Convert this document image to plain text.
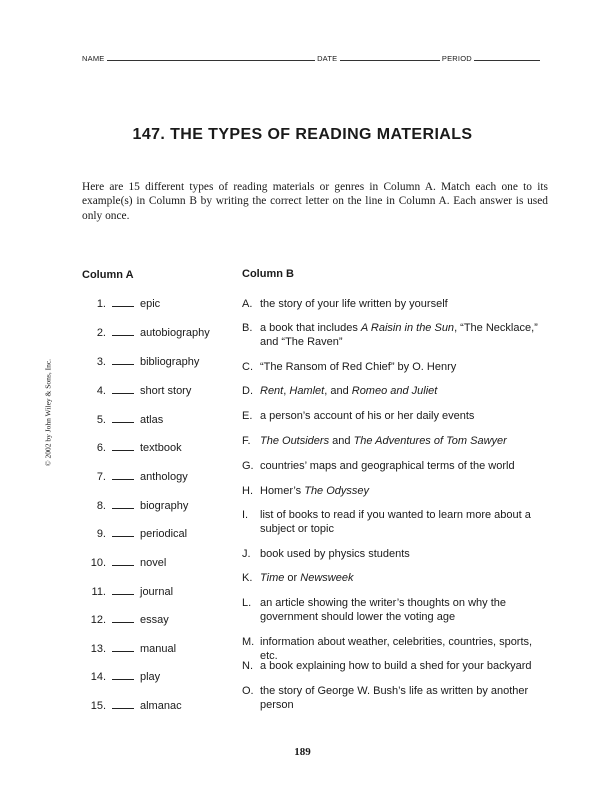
NAME	DATE	PERIOD
147. THE TYPES OF READING MATERIALS
Here are 15 different types of reading materials or genres in Column A. Match each one to its example(s) in Column B by writing the correct letter on the line in Column A. Each answer is used only once.
© 2002 by John Wiley & Sons, Inc.
Column A	Column B
1.	epic
2.	autobiography
3.	bibliography
4.	short story
5.	atlas
6.	textbook
7.	anthology
8.	biography
9.	periodical
10.	novel
11.	journal
12.	essay
13.	manual
14.	play
15.	almanac
A. the story of your life written by yourself
B. a book that includes A Raisin in the Sun, “The Necklace,” and “The Raven”
C. “The Ransom of Red Chief” by O. Henry
D. Rent, Hamlet, and Romeo and Juliet
E. a person’s account of his or her daily events
F. The Outsiders and The Adventures of Tom Sawyer
G. countries’ maps and geographical terms of the world
H. Homer’s The Odyssey
I. list of books to read if you wanted to learn more about a subject or topic
J. book used by physics students
K. Time or Newsweek
L. an article showing the writer’s thoughts on why the government should lower the voting age
M. information about weather, celebrities, countries, sports, etc.
N. a book explaining how to build a shed for your backyard
O. the story of George W. Bush’s life as written by another person
189
